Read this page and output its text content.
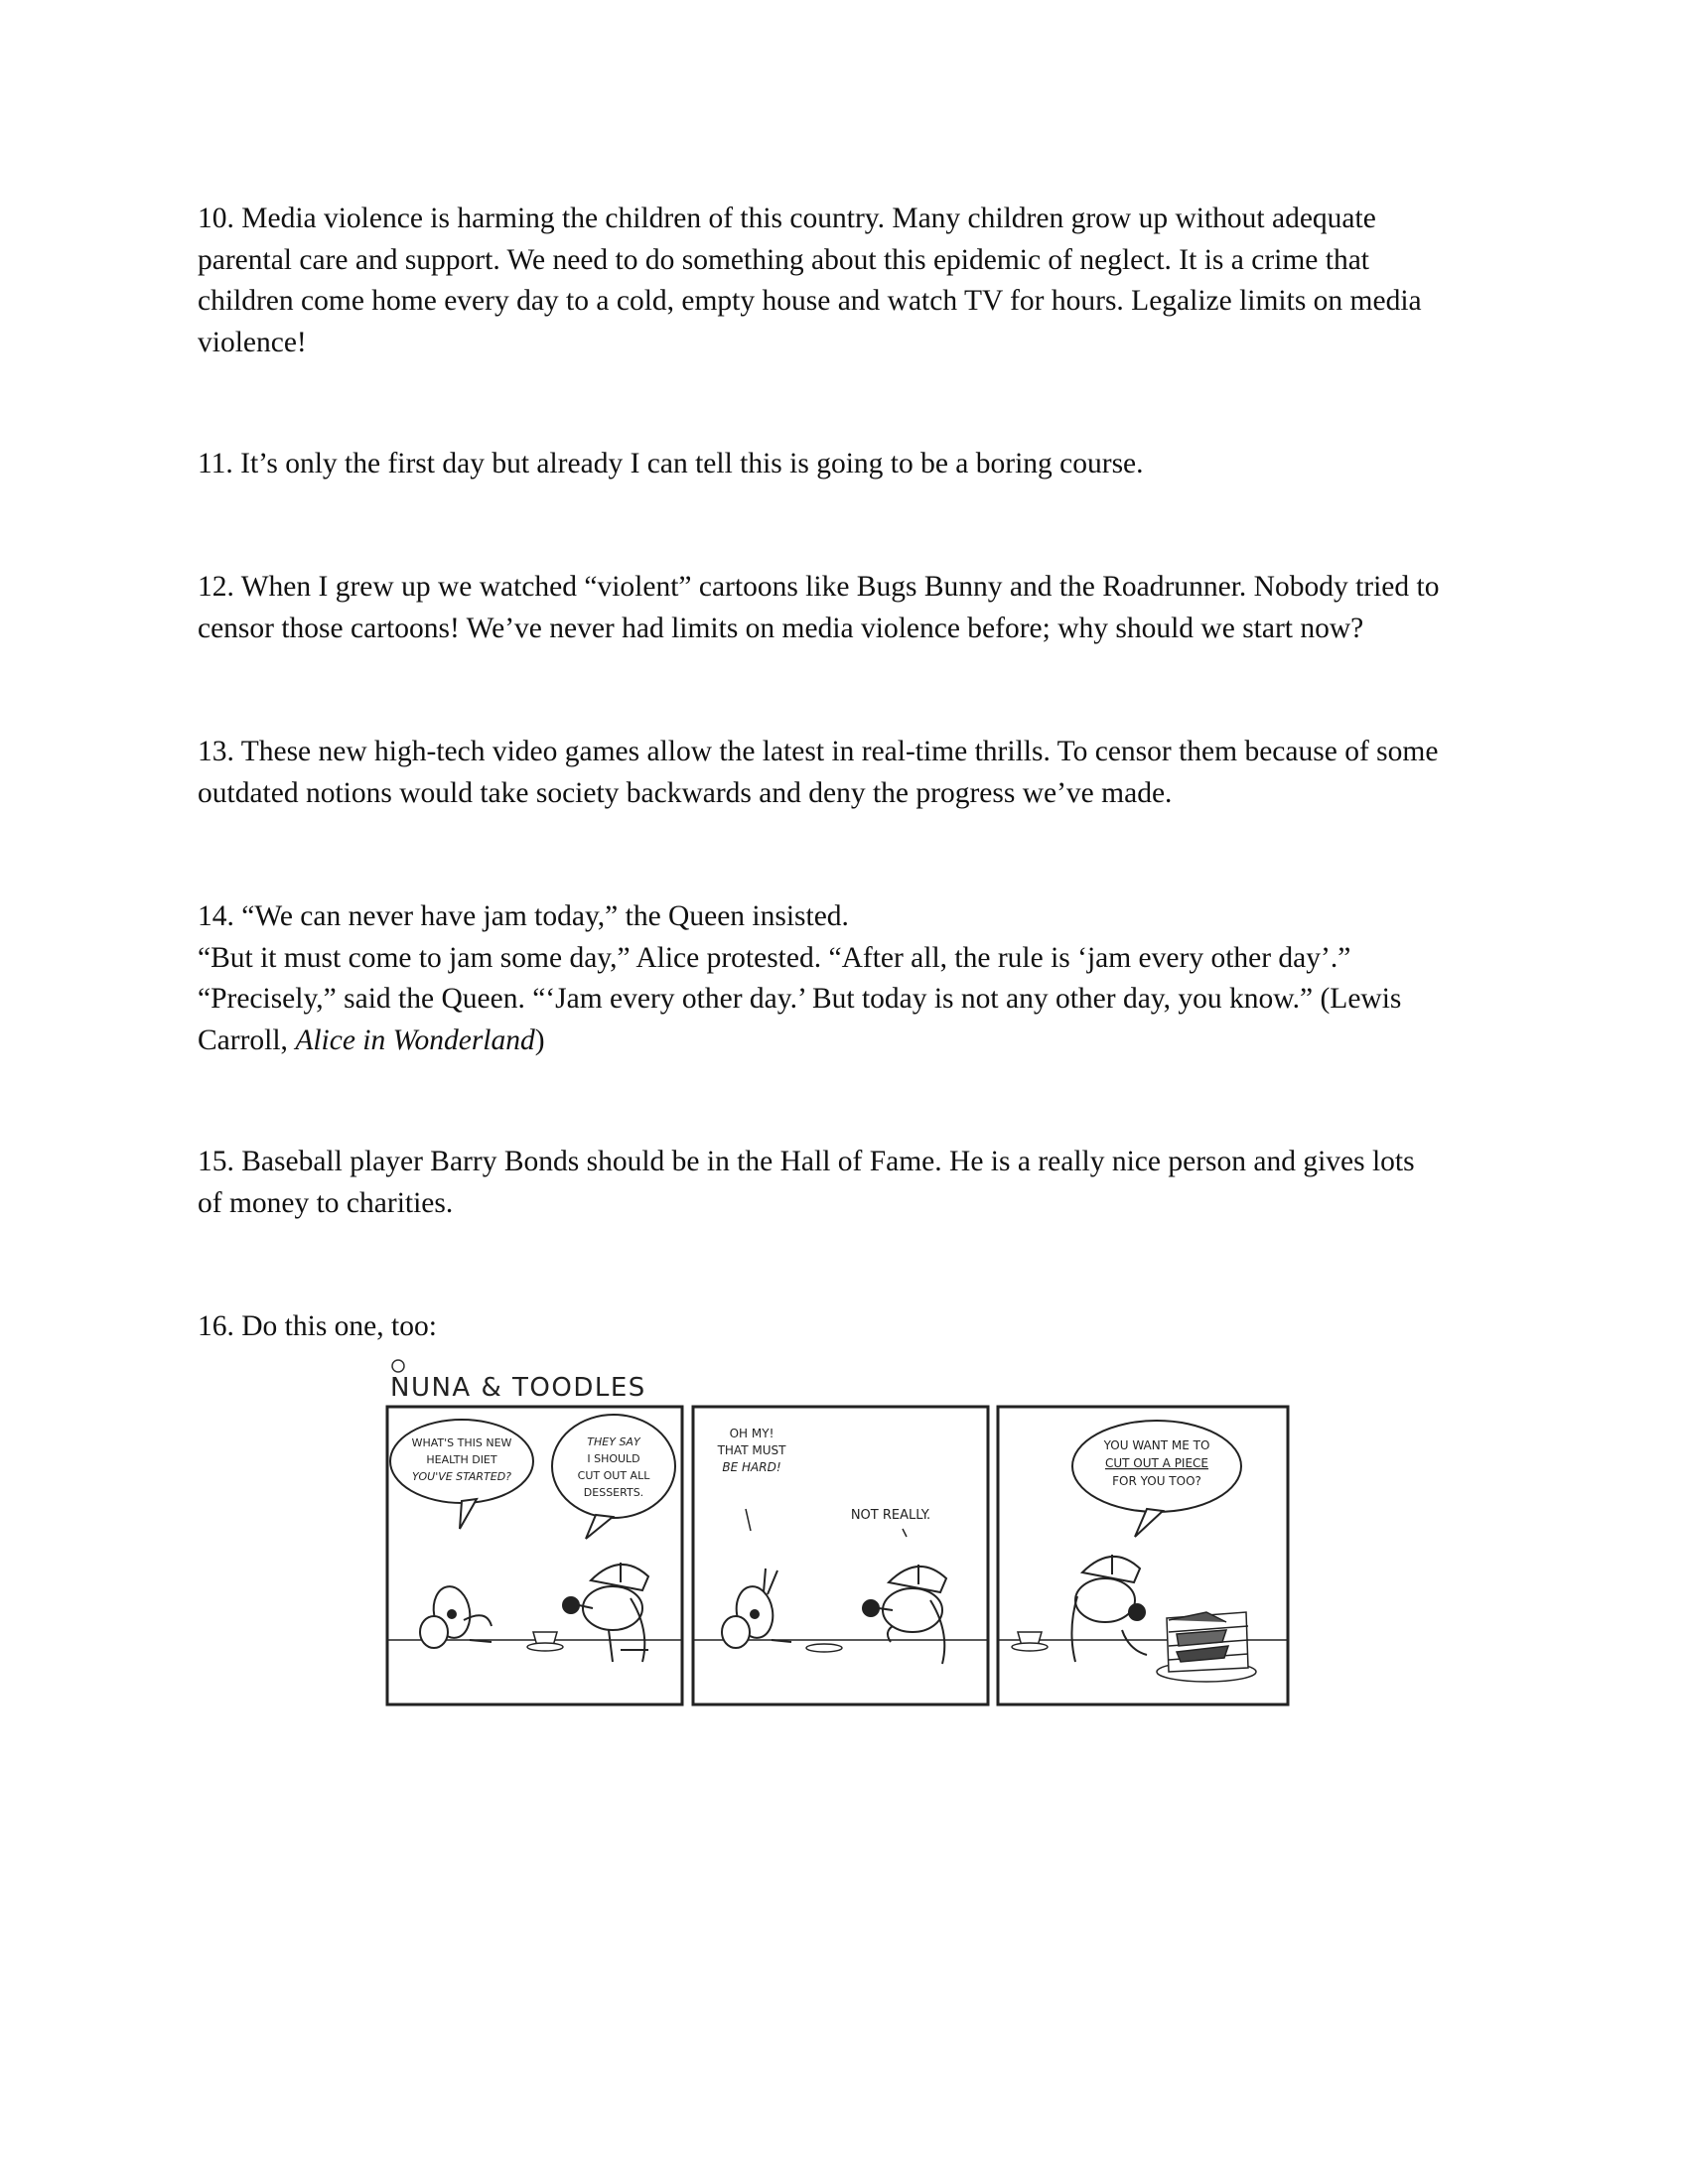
10. Media violence is harming the children of this country. Many children grow up without adequate
parental care and support. We need to do something about this epidemic of neglect. It is a crime that
children come home every day to a cold, empty house and watch TV for hours. Legalize limits on media
violence!

11. It’s only the first day but already I can tell this is going to be a boring course.

12. When I grew up we watched “violent” cartoons like Bugs Bunny and the Roadrunner. Nobody tried to
censor those cartoons! We’ve never had limits on media violence before; why should we start now?

13. These new high-tech video games allow the latest in real-time thrills. To censor them because of some
outdated notions would take society backwards and deny the progress we’ve made.

14. “We can never have jam today,” the Queen insisted.
“But it must come to jam some day,” Alice protested. “After all, the rule is ‘jam every other day’.”
“Precisely,” said the Queen. “‘Jam every other day.’ But today is not any other day, you know.” (Lewis
Carroll, Alice in Wonderland)

15. Baseball player Barry Bonds should be in the Hall of Fame. He is a really nice person and gives lots
of money to charities.

16. Do this one, too:

NUNA & TOODLES
WHAT'S THIS NEW
HEALTH DIET
YOU'VE STARTED?
THEY SAY
I SHOULD
CUT OUT ALL
DESSERTS.
OH MY!
THAT MUST
BE HARD!
NOT REALLY.
YOU WANT ME TO
CUT OUT A PIECE
FOR YOU TOO?
